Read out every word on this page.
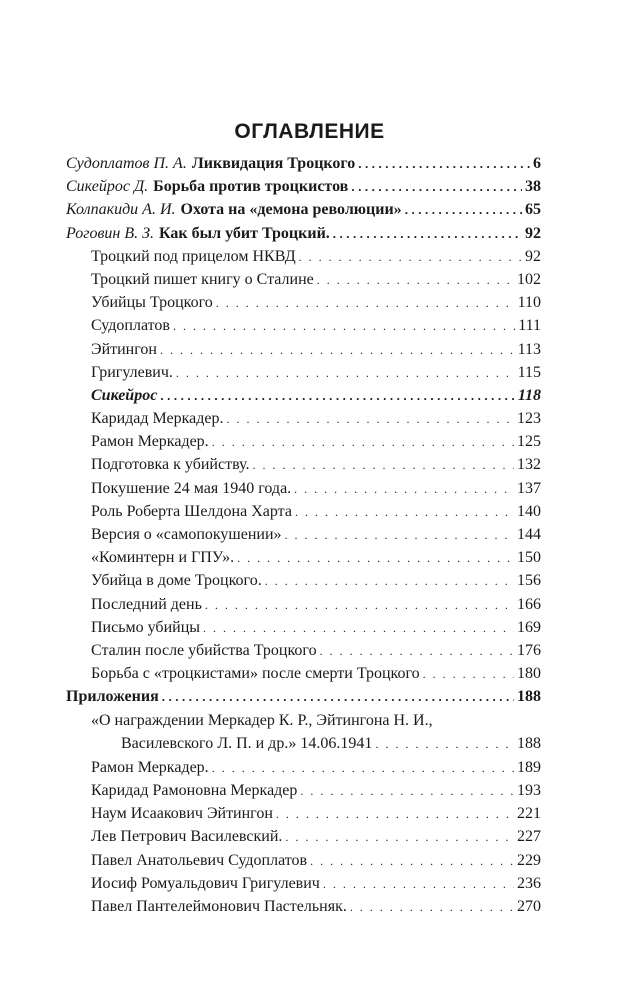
ОГЛАВЛЕНИЕ
Судоплатов П. А. Ликвидация Троцкого .....	6
Сикейрос Д. Борьба против троцкистов .....	38
Колпакиди А. И. Охота на «демона революции» .....	65
Роговин В. З. Как был убит Троцкий. .....	92
Троцкий под прицелом НКВД . . .	92
Троцкий пишет книгу о Сталине . . .	102
Убийцы Троцкого . . .	110
Судоплатов . . .	111
Эйтингон . . .	113
Григулевич. . . .	115
Сикейрос .....	118
Каридад Меркадер. . . .	123
Рамон Меркадер. . . .	125
Подготовка к убийству. . . .	132
Покушение 24 мая 1940 года. . . .	137
Роль Роберта Шелдона Харта . . .	140
Версия о «самопокушении» . . .	144
«Коминтерн и ГПУ». . . .	150
Убийца в доме Троцкого. . . .	156
Последний день . . .	166
Письмо убийцы . . .	169
Сталин после убийства Троцкого . . .	176
Борьба с «троцкистами» после смерти Троцкого . . .	180
Приложения .....	188
«О награждении Меркадер К. Р., Эйтингона Н. И.,
Василевского Л. П. и др.» 14.06.1941 . . .	188
Рамон Меркадер. . . .	189
Каридад Рамоновна Меркадер . . .	193
Наум Исаакович Эйтингон . . .	221
Лев Петрович Василевский. . . .	227
Павел Анатольевич Судоплатов . . .	229
Иосиф Ромуальдович Григулевич . . .	236
Павел Пантелеймонович Пастельняк. . . .	270
